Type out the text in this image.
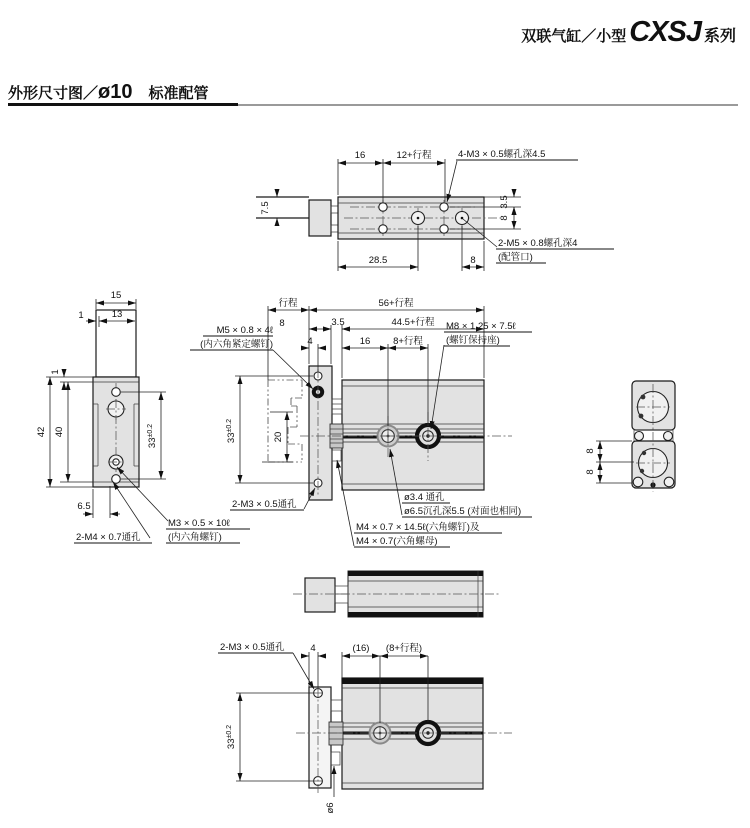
双联气缸／小型 CXSJ 系列
外形尺寸图／ ø10 标准配管
7.5
16	12+行程	4-M3 × 0.5螺孔深4.5
3.5
8
28.5	8
2-M5 × 0.8螺孔深4
(配管口)
15
13
1
1
42 40
$33^{\pm 0.2}$
6.5
2-M4 × 0.7通孔
M3 × 0.5 × 10ℓ
(内六角螺钉)
行程	56+行程
8	3.5	44.5+行程
4	16 8+行程
M5 × 0.8 × 4ℓ
(内六角紧定螺钉)
M8 × 1.25 × 7.5ℓ
(螺钉保持座)
20
$33^{\pm 0.2}$
2-M3 × 0.5通孔
ø3.4 通孔
ø6.5沉孔深5.5 (对面也相同)
M4 × 0.7 × 14.5ℓ(六角螺钉)及
M4 × 0.7(六角螺母)
8
8
4	(16) (8+行程)
2-M3 × 0.5通孔
$33^{\pm 0.2}$
ø6
